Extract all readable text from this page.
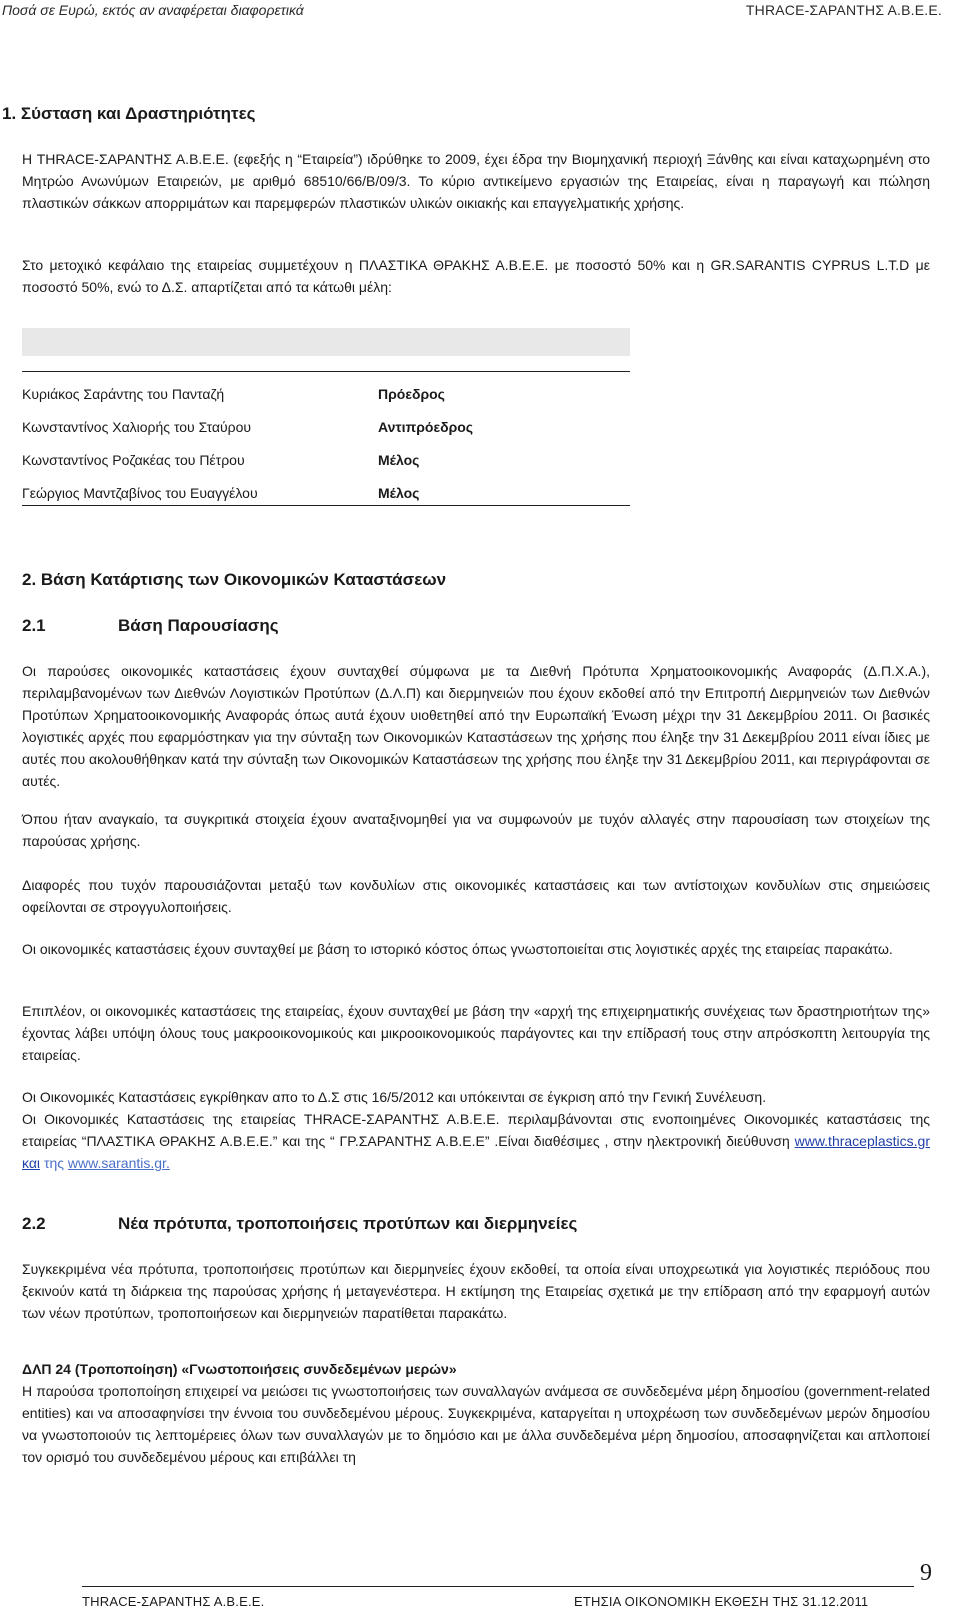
Ποσά σε Ευρώ, εκτός αν αναφέρεται διαφορετικά	THRACE-ΣΑΡΑΝΤΗΣ Α.Β.Ε.Ε.
1. Σύσταση και Δραστηριότητες
Η THRACE-ΣΑΡΑΝΤΗΣ Α.Β.Ε.Ε. (εφεξής η “Εταιρεία”) ιδρύθηκε το 2009, έχει έδρα την Βιομηχανική περιοχή Ξάνθης και είναι καταχωρημένη στο Μητρώο Ανωνύμων Εταιρειών, με αριθμό 68510/66/Β/09/3. Το κύριο αντικείμενο εργασιών της Εταιρείας, είναι η παραγωγή και πώληση πλαστικών σάκκων απορριμάτων και παρεμφερών πλαστικών υλικών οικιακής και επαγγελματικής χρήσης.
Στο μετοχικό κεφάλαιο της εταιρείας συμμετέχουν η ΠΛΑΣΤΙΚΑ ΘΡΑΚΗΣ Α.Β.Ε.Ε. με ποσοστό 50% και η GR.SARANTIS CYPRUS L.T.D με ποσοστό 50%, ενώ το Δ.Σ. απαρτίζεται από τα κάτωθι μέλη:
Κυριάκος Σαράντης του Πανταζή	Πρόεδρος
Κωνσταντίνος Χαλιορής του Σταύρου	Αντιπρόεδρος
Κωνσταντίνος Ροζακέας του Πέτρου	Μέλος
Γεώργιος Μαντζαβίνος του Ευαγγέλου	Μέλος
2. Βάση Κατάρτισης των Οικονομικών Καταστάσεων
2.1	Βάση Παρουσίασης
Οι παρούσες οικονομικές καταστάσεις έχουν συνταχθεί σύμφωνα με τα Διεθνή Πρότυπα Χρηματοοικονομικής Αναφοράς (Δ.Π.Χ.Α.), περιλαμβανομένων των Διεθνών Λογιστικών Προτύπων (Δ.Λ.Π) και διερμηνειών που έχουν εκδοθεί από την Επιτροπή Διερμηνειών των Διεθνών Προτύπων Χρηματοοικονομικής Αναφοράς όπως αυτά έχουν υιοθετηθεί από την Ευρωπαϊκή Ένωση μέχρι την 31 Δεκεμβρίου 2011. Οι βασικές λογιστικές αρχές που εφαρμόστηκαν για την σύνταξη των Οικονομικών Καταστάσεων της χρήσης που έληξε την 31 Δεκεμβρίου 2011 είναι ίδιες με αυτές που ακολουθήθηκαν κατά την σύνταξη των Οικονομικών Καταστάσεων της χρήσης που έληξε την 31 Δεκεμβρίου 2011, και περιγράφονται σε αυτές.
Όπου ήταν αναγκαίο, τα συγκριτικά στοιχεία έχουν αναταξινομηθεί για να συμφωνούν με τυχόν αλλαγές στην παρουσίαση των στοιχείων της παρούσας χρήσης.
Διαφορές που τυχόν παρουσιάζονται μεταξύ των κονδυλίων στις οικονομικές καταστάσεις και των αντίστοιχων κονδυλίων στις σημειώσεις οφείλονται σε στρογγυλοποιήσεις.
Οι οικονομικές καταστάσεις έχουν συνταχθεί με βάση το ιστορικό κόστος όπως γνωστοποιείται στις λογιστικές αρχές της εταιρείας παρακάτω.
Επιπλέον, οι οικονομικές καταστάσεις της εταιρείας, έχουν συνταχθεί με βάση την «αρχή της επιχειρηματικής συνέχειας των δραστηριοτήτων της» έχοντας λάβει υπόψη όλους τους μακροοικονομικούς και μικροοικονομικούς παράγοντες και την επίδρασή τους στην απρόσκοπτη λειτουργία της εταιρείας.
Οι Οικονομικές Καταστάσεις εγκρίθηκαν απο το Δ.Σ στις 16/5/2012 και υπόκεινται σε έγκριση από την Γενική Συνέλευση.
Οι Οικονομικές Καταστάσεις της εταιρείας THRACE-ΣΑΡΑΝΤΗΣ Α.Β.Ε.Ε. περιλαμβάνονται στις ενοποιημένες Οικονομικές καταστάσεις της εταιρείας “ΠΛΑΣΤΙΚΑ ΘΡΑΚΗΣ Α.Β.Ε.Ε.” και της “ ΓΡ.ΣΑΡΑΝΤΗΣ Α.Β.Ε.Ε” .Είναι διαθέσιμες , στην ηλεκτρονική διεύθυνση www.thraceplastics.gr και της www.sarantis.gr.
2.2	Νέα πρότυπα, τροποποιήσεις προτύπων και διερμηνείες
Συγκεκριμένα νέα πρότυπα, τροποποιήσεις προτύπων και διερμηνείες έχουν εκδοθεί, τα οποία είναι υποχρεωτικά για λογιστικές περιόδους που ξεκινούν κατά τη διάρκεια της παρούσας χρήσης ή μεταγενέστερα. Η εκτίμηση της Εταιρείας σχετικά με την επίδραση από την εφαρμογή αυτών των νέων προτύπων, τροποποιήσεων και διερμηνειών παρατίθεται παρακάτω.
ΔΛΠ 24 (Τροποποίηση) «Γνωστοποιήσεις συνδεδεμένων μερών»
Η παρούσα τροποποίηση επιχειρεί να μειώσει τις γνωστοποιήσεις των συναλλαγών ανάμεσα σε συνδεδεμένα μέρη δημοσίου (government-related entities) και να αποσαφηνίσει την έννοια του συνδεδεμένου μέρους. Συγκεκριμένα, καταργείται η υποχρέωση των συνδεδεμένων μερών δημοσίου να γνωστοποιούν τις λεπτομέρειες όλων των συναλλαγών με το δημόσιο και με άλλα συνδεδεμένα μέρη δημοσίου, αποσαφηνίζεται και απλοποιεί τον ορισμό του συνδεδεμένου μέρους και επιβάλλει τη
9
THRACE-ΣΑΡΑΝΤΗΣ Α.Β.Ε.Ε.	ΕΤΗΣΙΑ ΟΙΚΟΝΟΜΙΚΗ ΕΚΘΕΣΗ ΤΗΣ 31.12.2011
